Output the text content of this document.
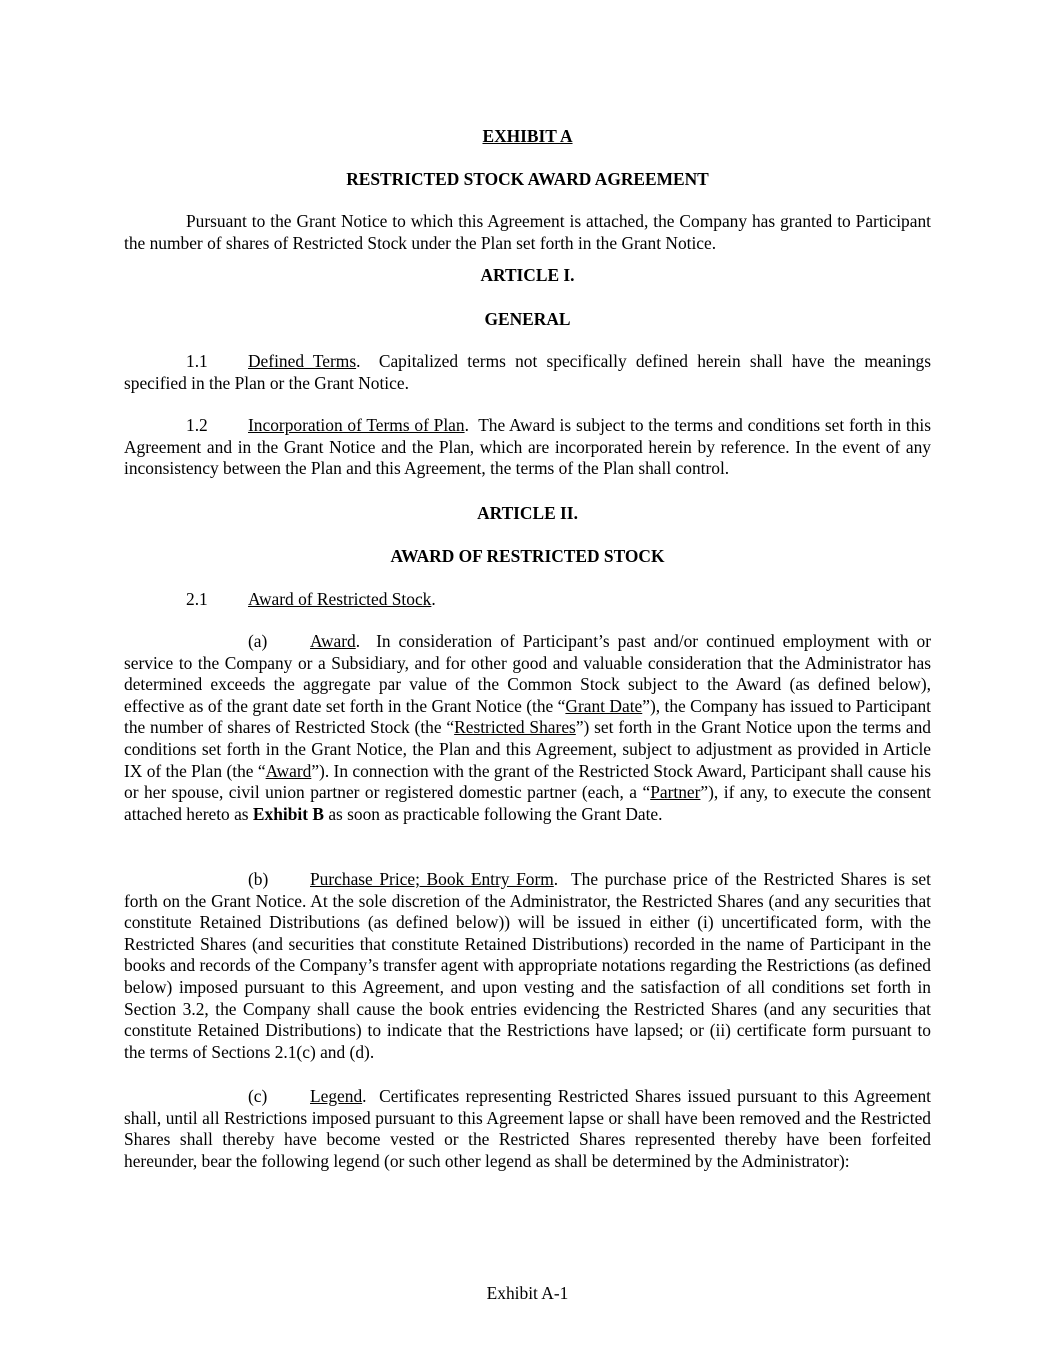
EXHIBIT A

RESTRICTED STOCK AWARD AGREEMENT

Pursuant to the Grant Notice to which this Agreement is attached, the Company has granted to Participant the number of shares of Restricted Stock under the Plan set forth in the Grant Notice.

ARTICLE I.

GENERAL

1.1 Defined Terms.  Capitalized terms not specifically defined herein shall have the meanings specified in the Plan or the Grant Notice.

1.2 Incorporation of Terms of Plan.  The Award is subject to the terms and conditions set forth in this Agreement and in the Grant Notice and the Plan, which are incorporated herein by reference. In the event of any inconsistency between the Plan and this Agreement, the terms of the Plan shall control.

ARTICLE II.

AWARD OF RESTRICTED STOCK

2.1 Award of Restricted Stock.

(a) Award.  In consideration of Participant’s past and/or continued employment with or service to the Company or a Subsidiary, and for other good and valuable consideration that the Administrator has determined exceeds the aggregate par value of the Common Stock subject to the Award (as defined below), effective as of the grant date set forth in the Grant Notice (the “Grant Date”), the Company has issued to Participant the number of shares of Restricted Stock (the “Restricted Shares”) set forth in the Grant Notice upon the terms and conditions set forth in the Grant Notice, the Plan and this Agreement, subject to adjustment as provided in Article IX of the Plan (the “Award”). In connection with the grant of the Restricted Stock Award, Participant shall cause his or her spouse, civil union partner or registered domestic partner (each, a “Partner”), if any, to execute the consent attached hereto as Exhibit B as soon as practicable following the Grant Date.

(b) Purchase Price; Book Entry Form.  The purchase price of the Restricted Shares is set forth on the Grant Notice. At the sole discretion of the Administrator, the Restricted Shares (and any securities that constitute Retained Distributions (as defined below)) will be issued in either (i) uncertificated form, with the Restricted Shares (and securities that constitute Retained Distributions) recorded in the name of Participant in the books and records of the Company’s transfer agent with appropriate notations regarding the Restrictions (as defined below) imposed pursuant to this Agreement, and upon vesting and the satisfaction of all conditions set forth in Section 3.2, the Company shall cause the book entries evidencing the Restricted Shares (and any securities that constitute Retained Distributions) to indicate that the Restrictions have lapsed; or (ii) certificate form pursuant to the terms of Sections 2.1(c) and (d).

(c) Legend.  Certificates representing Restricted Shares issued pursuant to this Agreement shall, until all Restrictions imposed pursuant to this Agreement lapse or shall have been removed and the Restricted Shares shall thereby have become vested or the Restricted Shares represented thereby have been forfeited hereunder, bear the following legend (or such other legend as shall be determined by the Administrator):

Exhibit A-1
